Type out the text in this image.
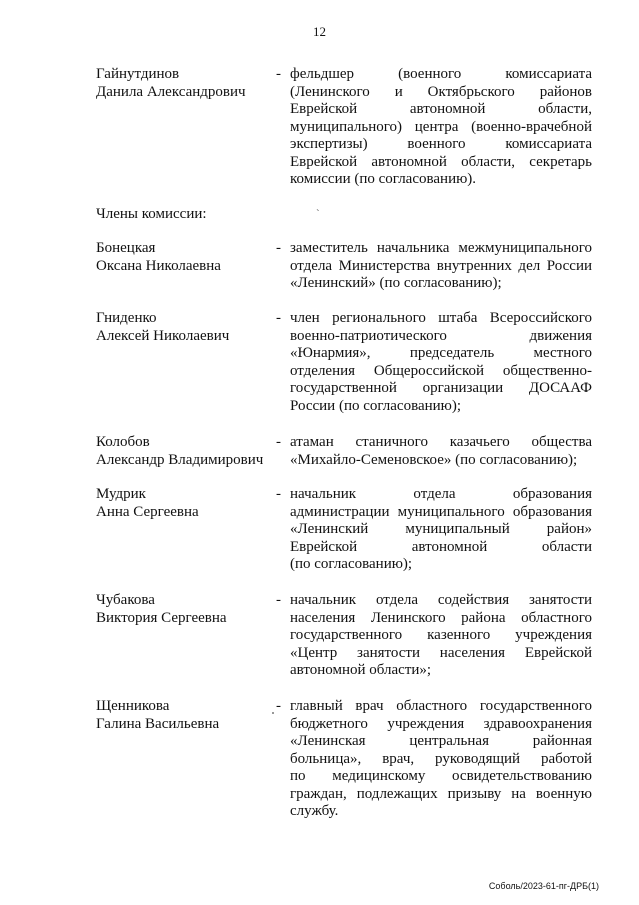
12
Гайнутдинов
Данила Александрович
- фельдшер (военного комиссариата
(Ленинского и Октябрьского районов
Еврейской автономной области,
муниципального) центра (военно-врачебной
экспертизы) военного комиссариата
Еврейской автономной области, секретарь
комиссии (по согласованию).
Члены комиссии:	`
Бонецкая
Оксана Николаевна
- заместитель начальника межмуниципального
отдела Министерства внутренних дел России
«Ленинский» (по согласованию);
Гниденко
Алексей Николаевич
- член регионального штаба Всероссийского
военно-патриотического движения
«Юнармия», председатель местного
отделения Общероссийской общественно-
государственной организации ДОСААФ
России (по согласованию);
Колобов
Александр Владимирович
- атаман станичного казачьего общества
«Михайло-Семеновское» (по согласованию);
Мудрик
Анна Сергеевна
- начальник отдела образования
администрации муниципального образования
«Ленинский муниципальный район»
Еврейской автономной области
(по согласованию);
Чубакова
Виктория Сергеевна
- начальник отдела содействия занятости
населения Ленинского района областного
государственного казенного учреждения
«Центр занятости населения Еврейской
автономной области»;
Щенникова
Галина Васильевна
- главный врач областного государственного
бюджетного учреждения здравоохранения
«Ленинская центральная районная
больница», врач, руководящий работой
по медицинскому освидетельствованию
граждан, подлежащих призыву на военную
службу.
Соболь/2023-61-пг-ДРБ(1)
